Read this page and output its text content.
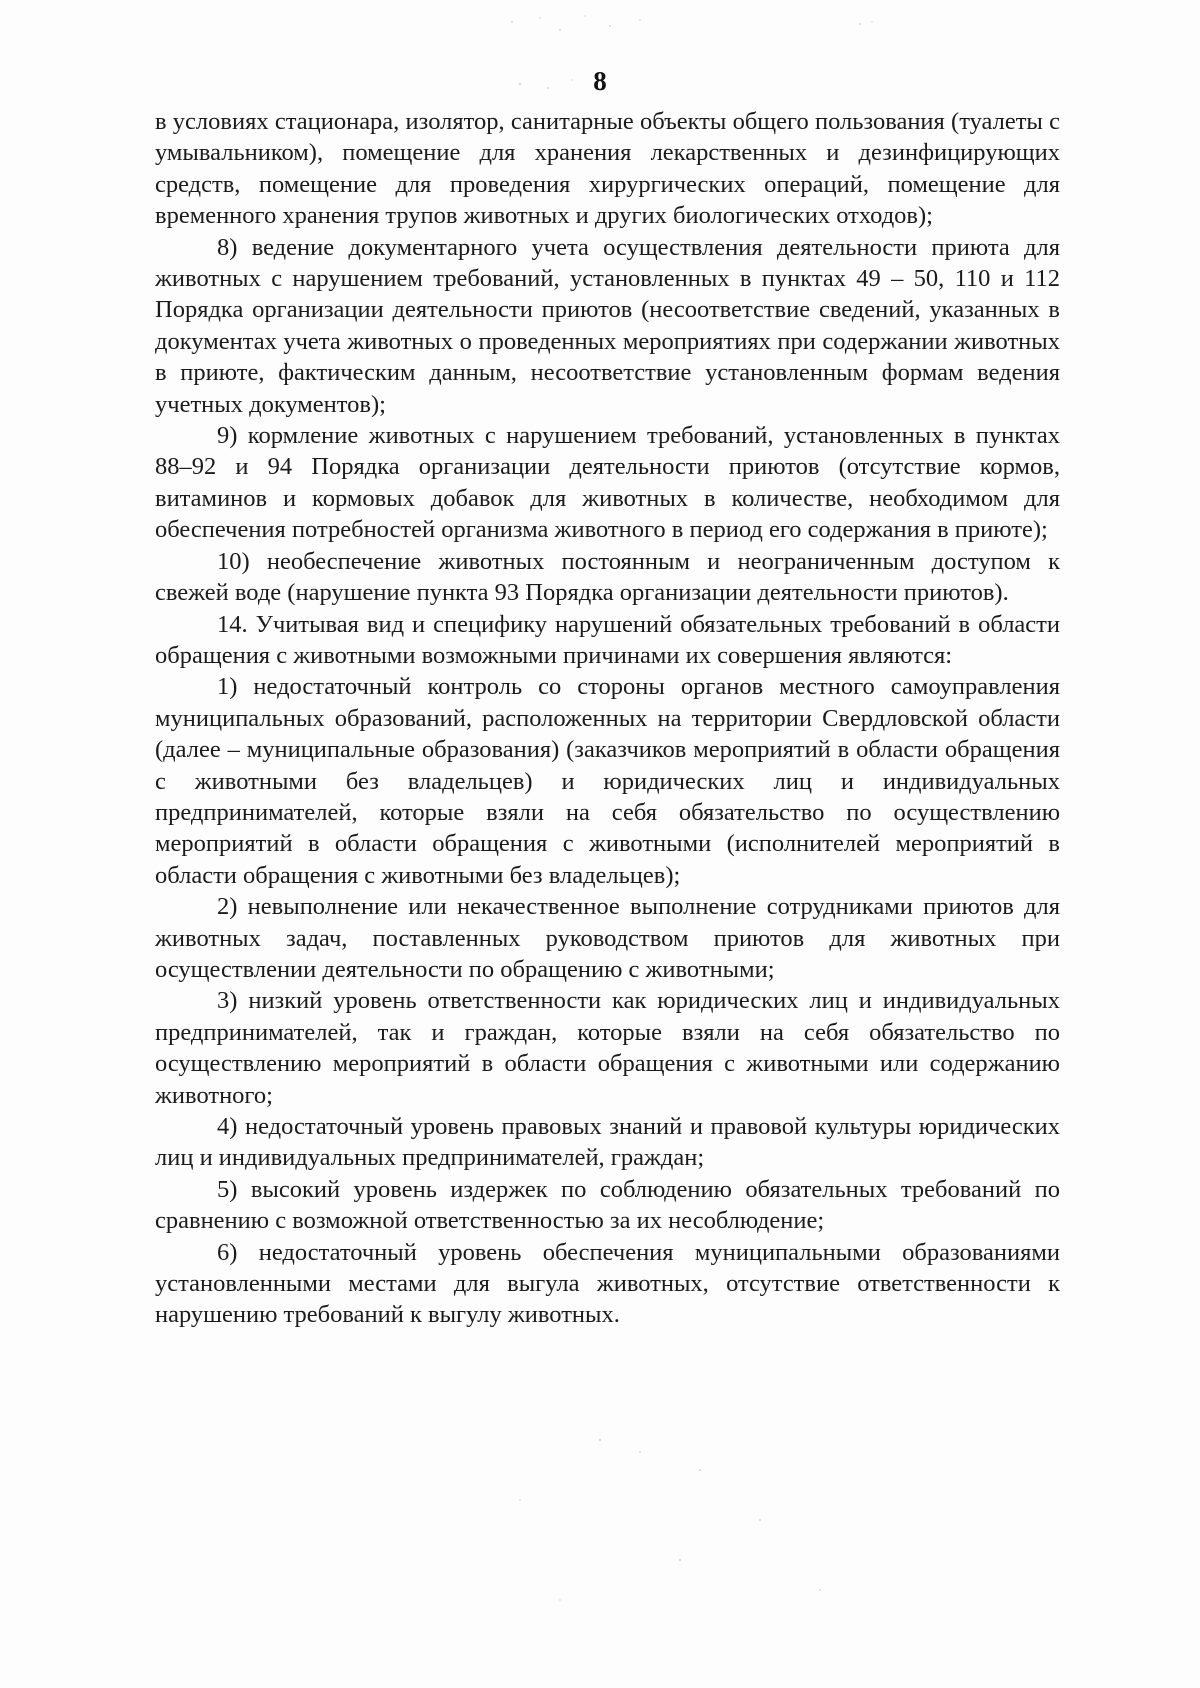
8

в условиях стационара, изолятор, санитарные объекты общего пользования (туалеты с умывальником), помещение для хранения лекарственных и дезинфицирующих средств, помещение для проведения хирургических операций, помещение для временного хранения трупов животных и других биологических отходов);

8) ведение документарного учета осуществления деятельности приюта для животных с нарушением требований, установленных в пунктах 49 – 50, 110 и 112 Порядка организации деятельности приютов (несоответствие сведений, указанных в документах учета животных о проведенных мероприятиях при содержании животных в приюте, фактическим данным, несоответствие установленным формам ведения учетных документов);

9) кормление животных с нарушением требований, установленных в пунктах 88–92 и 94 Порядка организации деятельности приютов (отсутствие кормов, витаминов и кормовых добавок для животных в количестве, необходимом для обеспечения потребностей организма животного в период его содержания в приюте);

10) необеспечение животных постоянным и неограниченным доступом к свежей воде (нарушение пункта 93 Порядка организации деятельности приютов).

14. Учитывая вид и специфику нарушений обязательных требований в области обращения с животными возможными причинами их совершения являются:

1) недостаточный контроль со стороны органов местного самоуправления муниципальных образований, расположенных на территории Свердловской области (далее – муниципальные образования) (заказчиков мероприятий в области обращения с животными без владельцев) и юридических лиц и индивидуальных предпринимателей, которые взяли на себя обязательство по осуществлению мероприятий в области обращения с животными (исполнителей мероприятий в области обращения с животными без владельцев);

2) невыполнение или некачественное выполнение сотрудниками приютов для животных задач, поставленных руководством приютов для животных при осуществлении деятельности по обращению с животными;

3) низкий уровень ответственности как юридических лиц и индивидуальных предпринимателей, так и граждан, которые взяли на себя обязательство по осуществлению мероприятий в области обращения с животными или содержанию животного;

4) недостаточный уровень правовых знаний и правовой культуры юридических лиц и индивидуальных предпринимателей, граждан;

5) высокий уровень издержек по соблюдению обязательных требований по сравнению с возможной ответственностью за их несоблюдение;

6) недостаточный уровень обеспечения муниципальными образованиями установленными местами для выгула животных, отсутствие ответственности к нарушению требований к выгулу животных.
